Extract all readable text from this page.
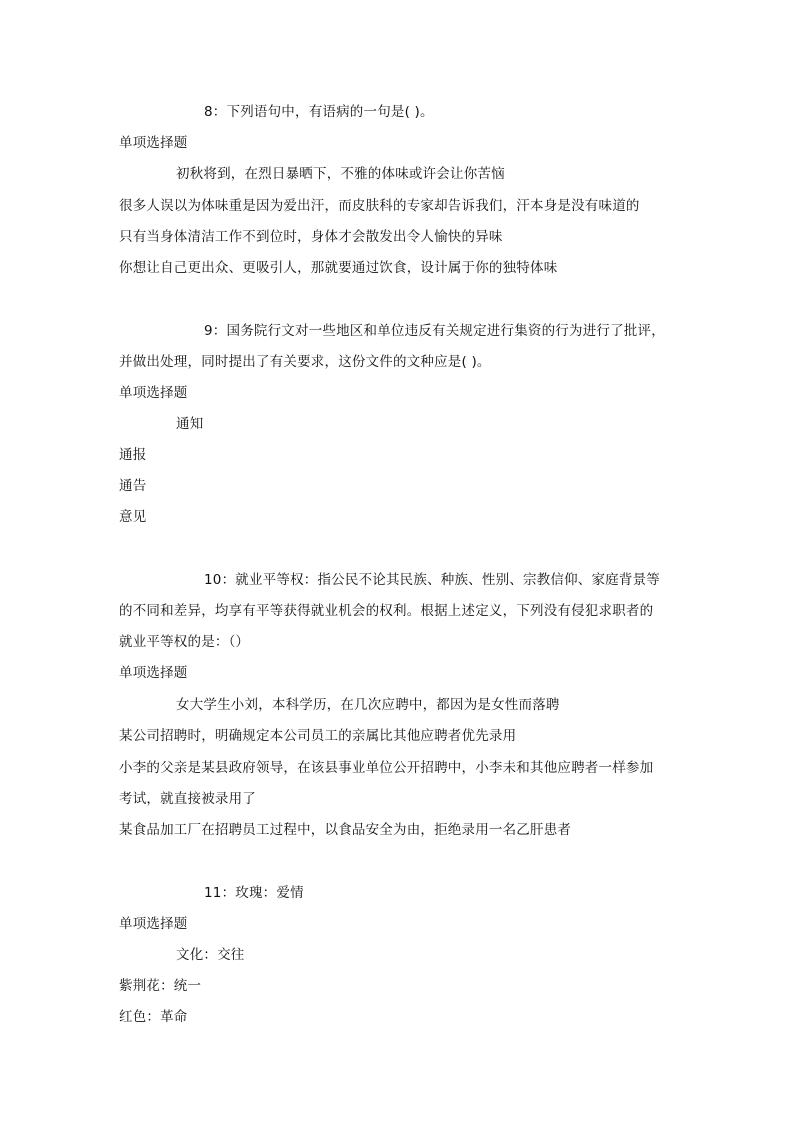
8：下列语句中，有语病的一句是( )。
单项选择题
初秋将到，在烈日暴晒下，不雅的体味或许会让你苦恼
很多人误以为体味重是因为爱出汗，而皮肤科的专家却告诉我们，汗本身是没有味道的
只有当身体清洁工作不到位时，身体才会散发出令人愉快的异味
你想让自己更出众、更吸引人，那就要通过饮食，设计属于你的独特体味
9：国务院行文对一些地区和单位违反有关规定进行集资的行为进行了批评，
并做出处理，同时提出了有关要求，这份文件的文种应是( )。
单项选择题
通知
通报
通告
意见
10：就业平等权：指公民不论其民族、种族、性别、宗教信仰、家庭背景等
的不同和差异，均享有平等获得就业机会的权利。根据上述定义，下列没有侵犯求职者的
就业平等权的是：（）
单项选择题
女大学生小刘，本科学历，在几次应聘中，都因为是女性而落聘
某公司招聘时，明确规定本公司员工的亲属比其他应聘者优先录用
小李的父亲是某县政府领导，在该县事业单位公开招聘中，小李未和其他应聘者一样参加
考试，就直接被录用了
某食品加工厂在招聘员工过程中，以食品安全为由，拒绝录用一名乙肝患者
11：玫瑰：爱情
单项选择题
文化：交往
紫荆花：统一
红色：革命
